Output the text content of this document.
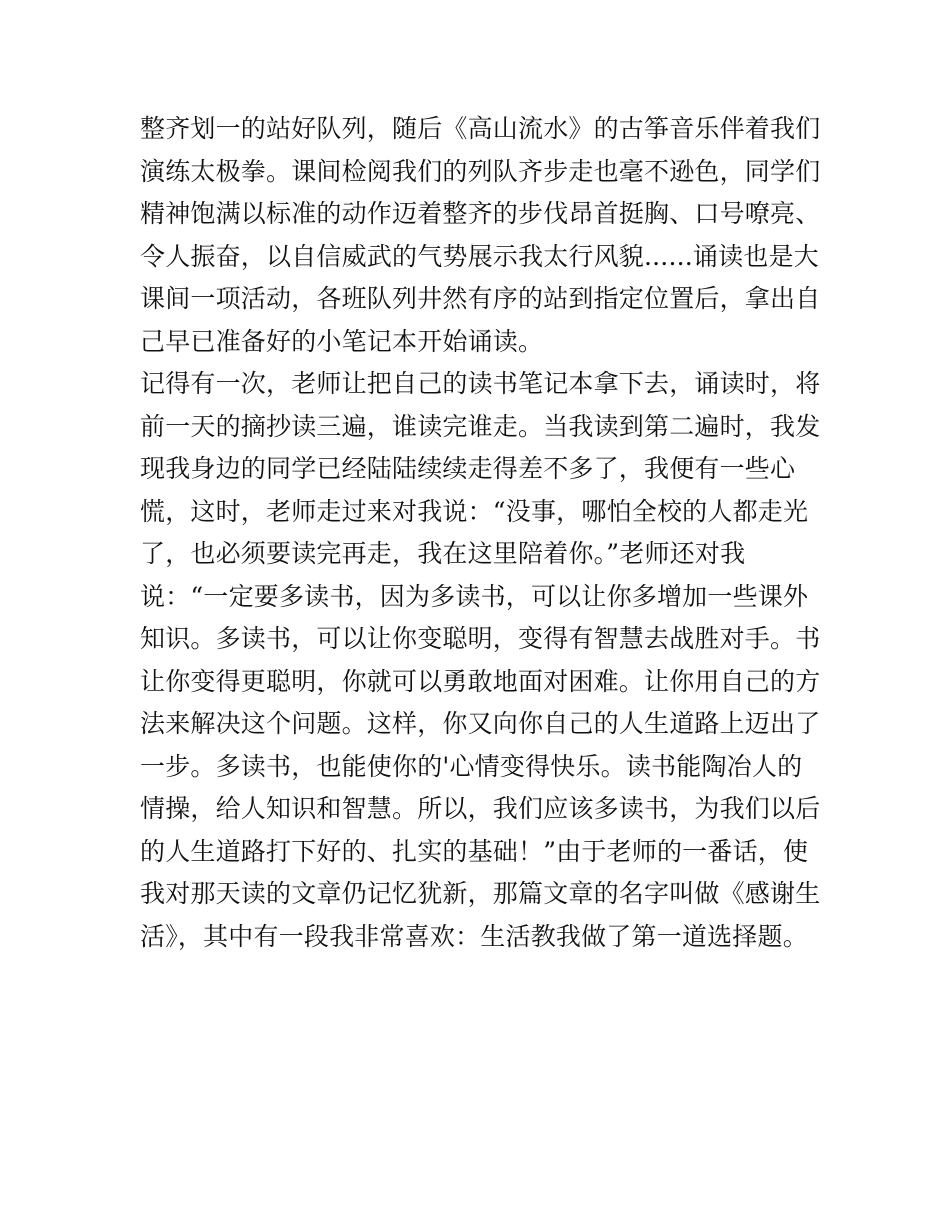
整齐划一的站好队列，随后《高山流水》的古筝音乐伴着我们
演练太极拳。课间检阅我们的列队齐步走也毫不逊色，同学们
精神饱满以标准的动作迈着整齐的步伐昂首挺胸、口号嘹亮、
令人振奋，以自信威武的气势展示我太行风貌......诵读也是大
课间一项活动，各班队列井然有序的站到指定位置后，拿出自
己早已准备好的小笔记本开始诵读。
记得有一次，老师让把自己的读书笔记本拿下去，诵读时，将
前一天的摘抄读三遍，谁读完谁走。当我读到第二遍时，我发
现我身边的同学已经陆陆续续走得差不多了，我便有一些心
慌，这时，老师走过来对我说：“没事，哪怕全校的人都走光
了，也必须要读完再走，我在这里陪着你。”老师还对我
说：“一定要多读书，因为多读书，可以让你多增加一些课外
知识。多读书，可以让你变聪明，变得有智慧去战胜对手。书
让你变得更聪明，你就可以勇敢地面对困难。让你用自己的方
法来解决这个问题。这样，你又向你自己的人生道路上迈出了
一步。多读书，也能使你的'心情变得快乐。读书能陶冶人的
情操，给人知识和智慧。所以，我们应该多读书，为我们以后
的人生道路打下好的、扎实的基础！”由于老师的一番话，使
我对那天读的文章仍记忆犹新，那篇文章的名字叫做《感谢生
活》，其中有一段我非常喜欢：生活教我做了第一道选择题。
